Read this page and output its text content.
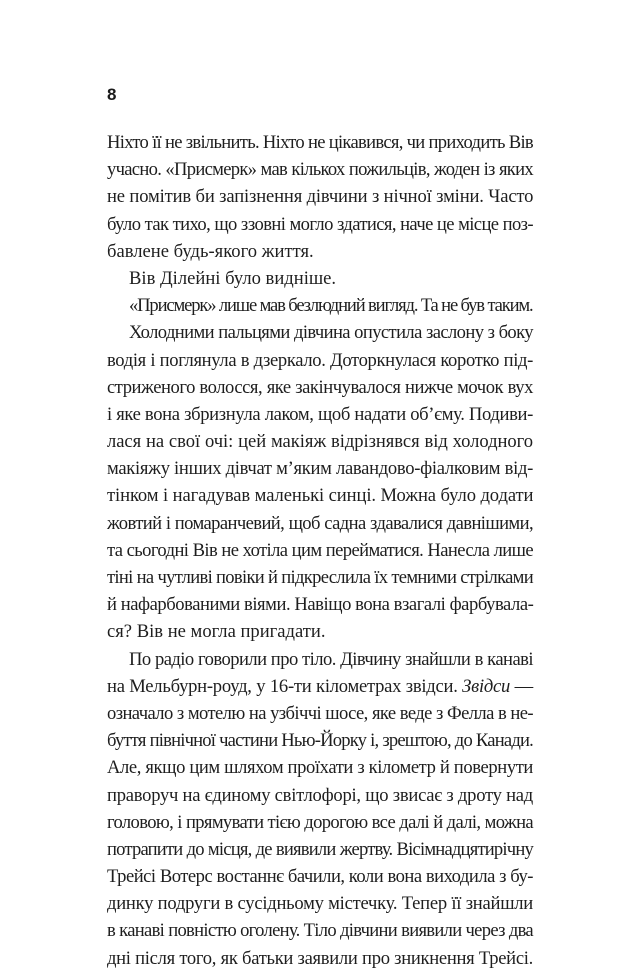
8
Ніхто її не звільнить. Ніхто не цікавився, чи приходить Вів
учасно. «Присмерк» мав кількох пожильців, жоден із яких
не помітив би запізнення дівчини з нічної зміни. Часто
було так тихо, що ззовні могло здатися, наче це місце поз-
бавлене будь-якого життя.
Вів Ділейні було видніше.
«Присмерк» лише мав безлюдний вигляд. Та не був таким.
Холодними пальцями дівчина опустила заслону з боку
водія і поглянула в дзеркало. Доторкнулася коротко під-
стриженого волосся, яке закінчувалося нижче мочок вух
і яке вона збризнула лаком, щоб надати об’єму. Подиви-
лася на свої очі: цей макіяж відрізнявся від холодного
макіяжу інших дівчат м’яким лавандово-фіалковим від-
тінком і нагадував маленькі синці. Можна було додати
жовтий і помаранчевий, щоб садна здавалися давнішими,
та сьогодні Вів не хотіла цим перейматися. Нанесла лише
тіні на чутливі повіки й підкреслила їх темними стрілками
й нафарбованими віями. Навіщо вона взагалі фарбувала-
ся? Вів не могла пригадати.
По радіо говорили про тіло. Дівчину знайшли в канаві
на Мельбурн-роуд, у 16-ти кілометрах звідси. Звідси —
означало з мотелю на узбіччі шосе, яке веде з Фелла в не-
буття північної частини Нью-Йорку і, зрештою, до Канади.
Але, якщо цим шляхом проїхати з кілометр й повернути
праворуч на єдиному світлофорі, що звисає з дроту над
головою, і прямувати тією дорогою все далі й далі, можна
потрапити до місця, де виявили жертву. Вісімнадцятирічну
Трейсі Вотерс востаннє бачили, коли вона виходила з бу-
динку подруги в сусідньому містечку. Тепер її знайшли
в канаві повністю оголену. Тіло дівчини виявили через два
дні після того, як батьки заявили про зникнення Трейсі.
